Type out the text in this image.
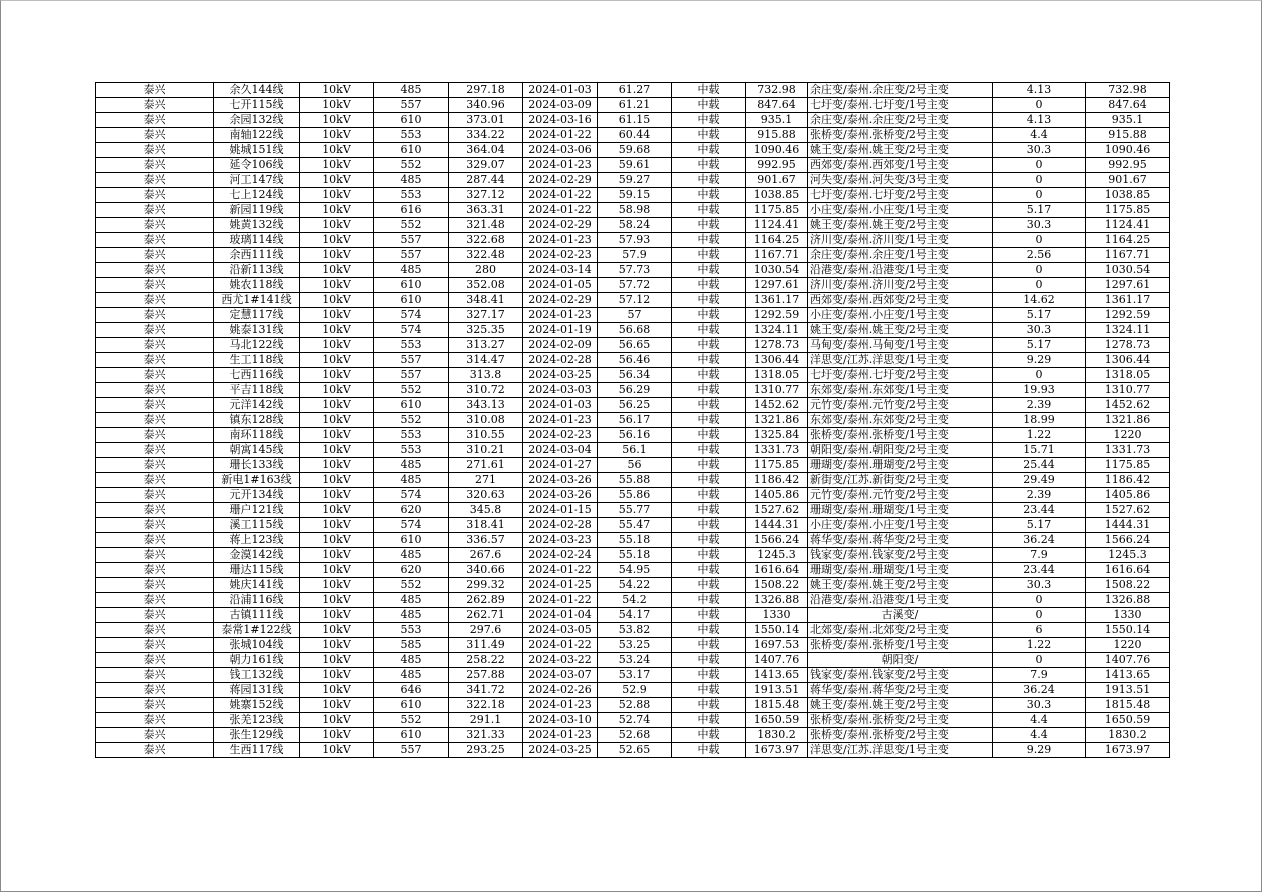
泰兴	余久144线	10kV	485	297.18	2024-01-03	61.27	中载	732.98	余庄变/泰州.余庄变/2号主变	4.13	732.98
泰兴	七开115线	10kV	557	340.96	2024-03-09	61.21	中载	847.64	七圩变/泰州.七圩变/1号主变	0	847.64
泰兴	余园132线	10kV	610	373.01	2024-03-16	61.15	中载	935.1	余庄变/泰州.余庄变/2号主变	4.13	935.1
泰兴	南轴122线	10kV	553	334.22	2024-01-22	60.44	中载	915.88	张桥变/泰州.张桥变/2号主变	4.4	915.88
泰兴	姚城151线	10kV	610	364.04	2024-03-06	59.68	中载	1090.46	姚王变/泰州.姚王变/2号主变	30.3	1090.46
泰兴	延令106线	10kV	552	329.07	2024-01-23	59.61	中载	992.95	西郊变/泰州.西郊变/1号主变	0	992.95
泰兴	河工147线	10kV	485	287.44	2024-02-29	59.27	中载	901.67	河失变/泰州.河失变/3号主变	0	901.67
泰兴	七上124线	10kV	553	327.12	2024-01-22	59.15	中载	1038.85	七圩变/泰州.七圩变/2号主变	0	1038.85
泰兴	新园119线	10kV	616	363.31	2024-01-22	58.98	中载	1175.85	小庄变/泰州.小庄变/1号主变	5.17	1175.85
泰兴	姚黄132线	10kV	552	321.48	2024-02-29	58.24	中载	1124.41	姚王变/泰州.姚王变/2号主变	30.3	1124.41
泰兴	玻璃114线	10kV	557	322.68	2024-01-23	57.93	中载	1164.25	济川变/泰州.济川变/1号主变	0	1164.25
泰兴	余西111线	10kV	557	322.48	2024-02-23	57.9	中载	1167.71	余庄变/泰州.余庄变/1号主变	2.56	1167.71
泰兴	沿新113线	10kV	485	280	2024-03-14	57.73	中载	1030.54	沿港变/泰州.沿港变/1号主变	0	1030.54
泰兴	姚农118线	10kV	610	352.08	2024-01-05	57.72	中载	1297.61	济川变/泰州.济川变/2号主变	0	1297.61
泰兴	西尤1#141线	10kV	610	348.41	2024-02-29	57.12	中载	1361.17	西郊变/泰州.西郊变/2号主变	14.62	1361.17
泰兴	定慧117线	10kV	574	327.17	2024-01-23	57	中载	1292.59	小庄变/泰州.小庄变/1号主变	5.17	1292.59
泰兴	姚泰131线	10kV	574	325.35	2024-01-19	56.68	中载	1324.11	姚王变/泰州.姚王变/2号主变	30.3	1324.11
泰兴	马北122线	10kV	553	313.27	2024-02-09	56.65	中载	1278.73	马甸变/泰州.马甸变/1号主变	5.17	1278.73
泰兴	生工118线	10kV	557	314.47	2024-02-28	56.46	中载	1306.44	洋思变/江苏.洋思变/1号主变	9.29	1306.44
泰兴	七西116线	10kV	557	313.8	2024-03-25	56.34	中载	1318.05	七圩变/泰州.七圩变/2号主变	0	1318.05
泰兴	平吉118线	10kV	552	310.72	2024-03-03	56.29	中载	1310.77	东郊变/泰州.东郊变/1号主变	19.93	1310.77
泰兴	元洋142线	10kV	610	343.13	2024-01-03	56.25	中载	1452.62	元竹变/泰州.元竹变/2号主变	2.39	1452.62
泰兴	镇东128线	10kV	552	310.08	2024-01-23	56.17	中载	1321.86	东郊变/泰州.东郊变/2号主变	18.99	1321.86
泰兴	南环118线	10kV	553	310.55	2024-02-23	56.16	中载	1325.84	张桥变/泰州.张桥变/1号主变	1.22	1220
泰兴	朝寓145线	10kV	553	310.21	2024-03-04	56.1	中载	1331.73	朝阳变/泰州.朝阳变/2号主变	15.71	1331.73
泰兴	珊长133线	10kV	485	271.61	2024-01-27	56	中载	1175.85	珊瑚变/泰州.珊瑚变/2号主变	25.44	1175.85
泰兴	新电1#163线	10kV	485	271	2024-03-26	55.88	中载	1186.42	新街变/江苏.新街变/2号主变	29.49	1186.42
泰兴	元开134线	10kV	574	320.63	2024-03-26	55.86	中载	1405.86	元竹变/泰州.元竹变/2号主变	2.39	1405.86
泰兴	珊户121线	10kV	620	345.8	2024-01-15	55.77	中载	1527.62	珊瑚变/泰州.珊瑚变/1号主变	23.44	1527.62
泰兴	溪工115线	10kV	574	318.41	2024-02-28	55.47	中载	1444.31	小庄变/泰州.小庄变/1号主变	5.17	1444.31
泰兴	蒋上123线	10kV	610	336.57	2024-03-23	55.18	中载	1566.24	蒋华变/泰州.蒋华变/2号主变	36.24	1566.24
泰兴	金漠142线	10kV	485	267.6	2024-02-24	55.18	中载	1245.3	钱家变/泰州.钱家变/2号主变	7.9	1245.3
泰兴	珊达115线	10kV	620	340.66	2024-01-22	54.95	中载	1616.64	珊瑚变/泰州.珊瑚变/1号主变	23.44	1616.64
泰兴	姚庆141线	10kV	552	299.32	2024-01-25	54.22	中载	1508.22	姚王变/泰州.姚王变/2号主变	30.3	1508.22
泰兴	沿浦116线	10kV	485	262.89	2024-01-22	54.2	中载	1326.88	沿港变/泰州.沿港变/1号主变	0	1326.88
泰兴	古镇111线	10kV	485	262.71	2024-01-04	54.17	中载	1330	古溪变/	0	1330
泰兴	泰常1#122线	10kV	553	297.6	2024-03-05	53.82	中载	1550.14	北郊变/泰州.北郊变/2号主变	6	1550.14
泰兴	张城104线	10kV	585	311.49	2024-01-22	53.25	中载	1697.53	张桥变/泰州.张桥变/1号主变	1.22	1220
泰兴	朝力161线	10kV	485	258.22	2024-03-22	53.24	中载	1407.76	朝阳变/	0	1407.76
泰兴	钱工132线	10kV	485	257.88	2024-03-07	53.17	中载	1413.65	钱家变/泰州.钱家变/2号主变	7.9	1413.65
泰兴	蒋园131线	10kV	646	341.72	2024-02-26	52.9	中载	1913.51	蒋华变/泰州.蒋华变/2号主变	36.24	1913.51
泰兴	姚寨152线	10kV	610	322.18	2024-01-23	52.88	中载	1815.48	姚王变/泰州.姚王变/2号主变	30.3	1815.48
泰兴	张羌123线	10kV	552	291.1	2024-03-10	52.74	中载	1650.59	张桥变/泰州.张桥变/2号主变	4.4	1650.59
泰兴	张生129线	10kV	610	321.33	2024-01-23	52.68	中载	1830.2	张桥变/泰州.张桥变/2号主变	4.4	1830.2
泰兴	生西117线	10kV	557	293.25	2024-03-25	52.65	中载	1673.97	洋思变/江苏.洋思变/1号主变	9.29	1673.97
